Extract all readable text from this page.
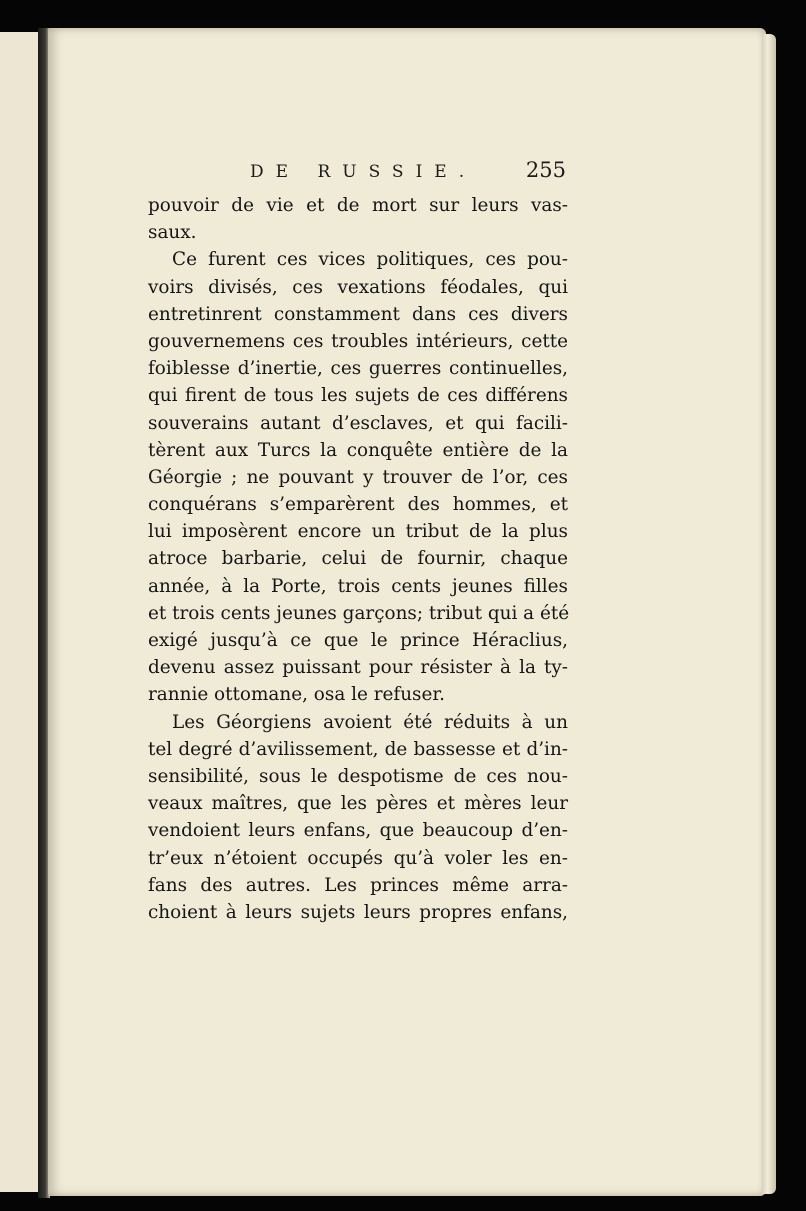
DE RUSSIE. 255
pouvoir de vie et de mort sur leurs vas-
saux.
Ce furent ces vices politiques, ces pou-
voirs divisés, ces vexations féodales, qui
entretinrent constamment dans ces divers
gouvernemens ces troubles intérieurs, cette
foiblesse d’inertie, ces guerres continuelles,
qui firent de tous les sujets de ces différens
souverains autant d’esclaves, et qui facili-
tèrent aux Turcs la conquête entière de la
Géorgie ; ne pouvant y trouver de l’or, ces
conquérans s’emparèrent des hommes, et
lui imposèrent encore un tribut de la plus
atroce barbarie, celui de fournir, chaque
année, à la Porte, trois cents jeunes filles
et trois cents jeunes garçons; tribut qui a été
exigé jusqu’à ce que le prince Héraclius,
devenu assez puissant pour résister à la ty-
rannie ottomane, osa le refuser.
Les Géorgiens avoient été réduits à un
tel degré d’avilissement, de bassesse et d’in-
sensibilité, sous le despotisme de ces nou-
veaux maîtres, que les pères et mères leur
vendoient leurs enfans, que beaucoup d’en-
tr’eux n’étoient occupés qu’à voler les en-
fans des autres. Les princes même arra-
choient à leurs sujets leurs propres enfans,
